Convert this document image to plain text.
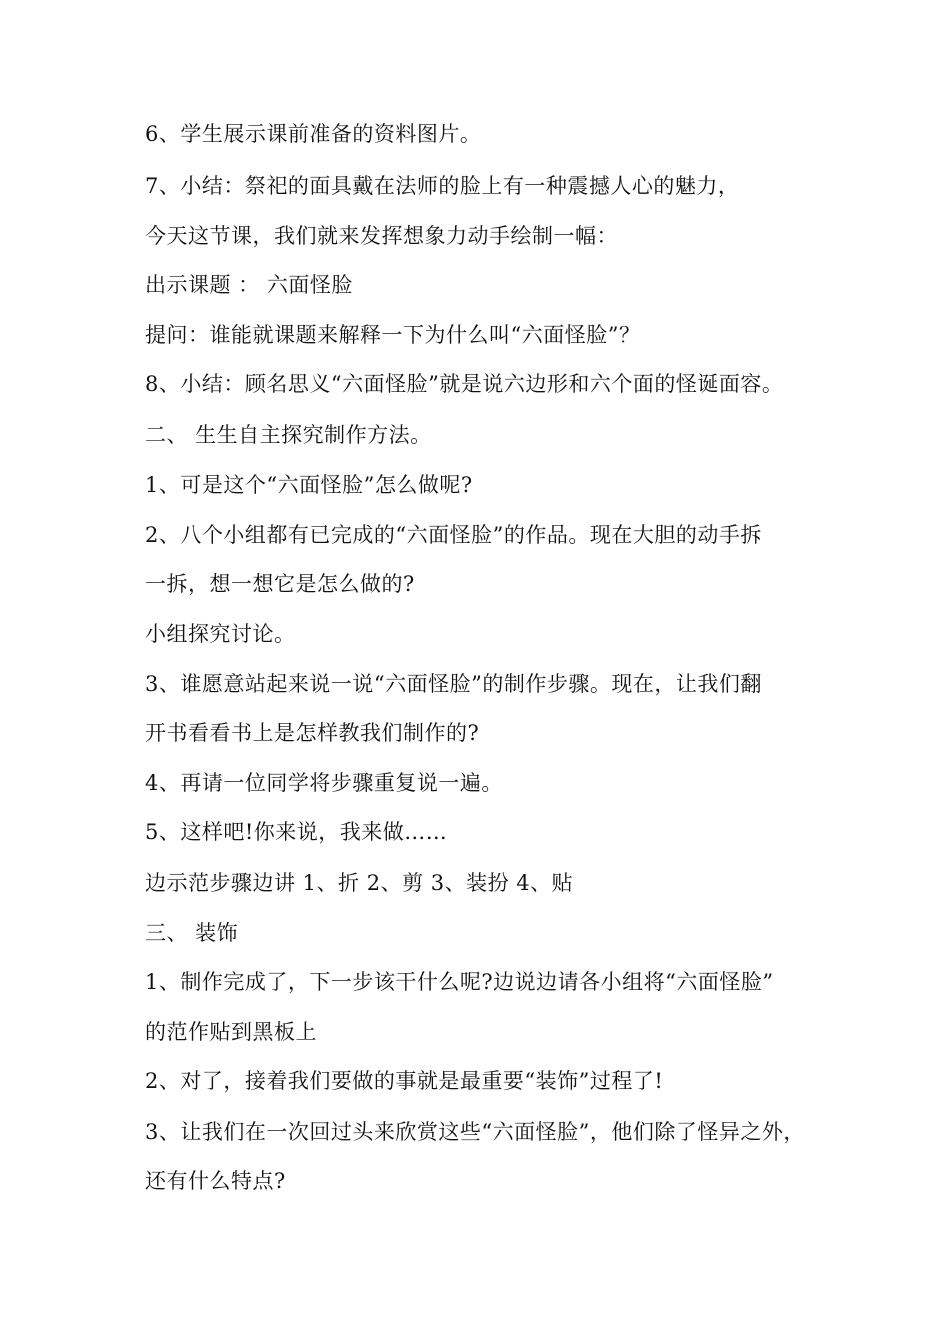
6、学生展示课前准备的资料图片。
7、小结：祭祀的面具戴在法师的脸上有一种震撼人心的魅力，
今天这节课，我们就来发挥想象力动手绘制一幅：
出示课题 ： 六面怪脸
提问：谁能就课题来解释一下为什么叫“六面怪脸”？
8、小结：顾名思义“六面怪脸”就是说六边形和六个面的怪诞面容。
二、 生生自主探究制作方法。
1、可是这个“六面怪脸”怎么做呢?
2、八个小组都有已完成的“六面怪脸”的作品。现在大胆的动手拆
一拆，想一想它是怎么做的?
小组探究讨论。
3、谁愿意站起来说一说“六面怪脸”的制作步骤。现在，让我们翻
开书看看书上是怎样教我们制作的?
4、再请一位同学将步骤重复说一遍。
5、这样吧!你来说，我来做……
边示范步骤边讲 1、折 2、剪 3、装扮 4、贴
三、 装饰
1、制作完成了，下一步该干什么呢?边说边请各小组将“六面怪脸”
的范作贴到黑板上
2、对了，接着我们要做的事就是最重要“装饰”过程了!
3、让我们在一次回过头来欣赏这些“六面怪脸”，他们除了怪异之外，
还有什么特点?
